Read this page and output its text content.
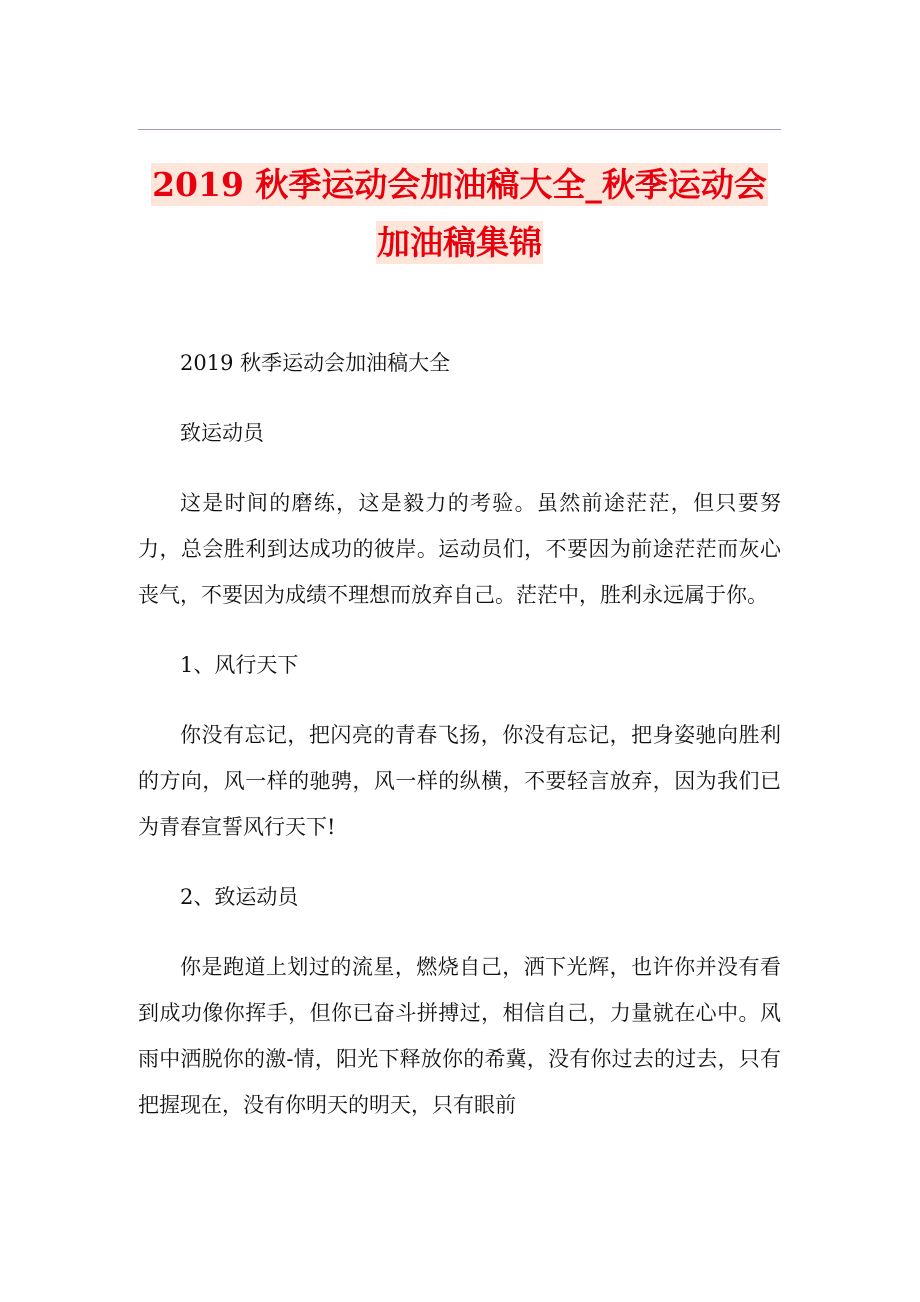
2019 秋季运动会加油稿大全_秋季运动会
加油稿集锦

2019 秋季运动会加油稿大全

致运动员

这是时间的磨练，这是毅力的考验。虽然前途茫茫，但只要努力，总会胜利到达成功的彼岸。运动员们，不要因为前途茫茫而灰心丧气，不要因为成绩不理想而放弃自己。茫茫中，胜利永远属于你。

1、风行天下

你没有忘记，把闪亮的青春飞扬，你没有忘记，把身姿驰向胜利的方向，风一样的驰骋，风一样的纵横，不要轻言放弃，因为我们已为青春宣誓风行天下!

2、致运动员

你是跑道上划过的流星，燃烧自己，洒下光辉，也许你并没有看到成功像你挥手，但你已奋斗拼搏过，相信自己，力量就在心中。风雨中洒脱你的激-情，阳光下释放你的希冀，没有你过去的过去，只有把握现在，没有你明天的明天，只有眼前
